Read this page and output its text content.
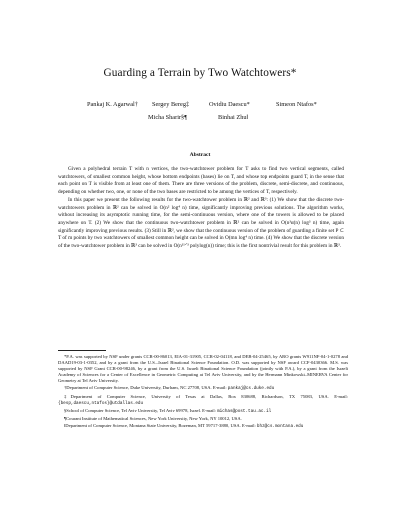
Guarding a Terrain by Two Watchtowers*
Pankaj K. Agarwal† Sergey Bereg‡	Ovidiu Daescu*	Simeon Ntafos*
Micha Sharir§¶	Binhai Zhu‖
Abstract

Given a polyhedral terrain T with n vertices, the two-watchtower problem for T asks to find two vertical segments, called watchtowers, of smallest common height, whose bottom endpoints (bases) lie on T, and whose top endpoints guard T, in the sense that each point on T is visible from at least one of them. There are three versions of the problem, discrete, semi-discrete, and continuous, depending on whether two, one, or none of the two bases are restricted to be among the vertices of T, respectively.

In this paper we present the following results for the two-watchtower problem in ℝ² and ℝ³: (1) We show that the discrete two-watchtowers problem in ℝ² can be solved in O(n² log⁴ n) time, significantly improving previous solutions. The algorithm works, without increasing its asymptotic running time, for the semi-continuous version, where one of the towers is allowed to be placed anywhere on T. (2) We show that the continuous two-watchtower problem in ℝ² can be solved in O(n³α(n) log³ n) time, again significantly improving previous results. (3) Still in ℝ², we show that the continuous version of the problem of guarding a finite set P ⊂ T of m points by two watchtowers of smallest common height can be solved in O(mn log⁴ n) time. (4) We show that the discrete version of the two-watchtower problem in ℝ³ can be solved in O(n¹¹ᐟ³ polylog(n)) time; this is the first nontrivial result for this problem in ℝ³.

*P.A. was supported by NSF under grants CCR-00-86013, EIA-01-31905, CCR-02-04118, and DEB-04-25465, by ARO grants W911NF-04-1-0278 and DAAD19-03-1-0352, and by a grant from the U.S.–Israel Binational Science Foundation. O.D. was supported by NSF award CCF-0430366. M.S. was supported by NSF Grant CCR-00-98246, by a grant from the U.S. Israeli Binational Science Foundation (jointly with P.A.), by a grant from the Israeli Academy of Sciences for a Center of Excellence in Geometric Computing at Tel Aviv University, and by the Hermann Minkowski–MINERVA Center for Geometry at Tel Aviv University.

†Department of Computer Science, Duke University, Durham, NC 27708, USA. E-mail: pankaj@cs.duke.edu

‡Department of Computer Science, University of Texas at Dallas, Box 830688, Richardson, TX 75083, USA. E-mail: {besp,daescu,ntafos}@utdallas.edu

§School of Computer Science, Tel Aviv University, Tel Aviv 69978, Israel. E-mail: michas@post.tau.ac.il

¶Courant Institute of Mathematical Sciences, New York University, New York, NY 10012, USA.

‖Department of Computer Science, Montana State University, Bozeman, MT 59717-3880, USA. E-mail: bhz@cs.montana.edu
